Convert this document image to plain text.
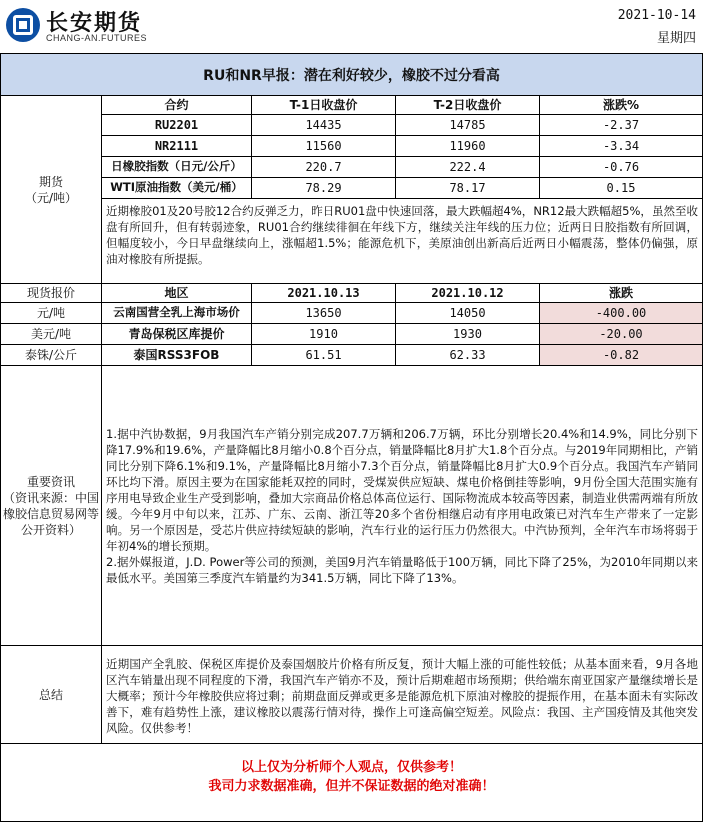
长安期货
CHANG-AN.FUTURES
2021-10-14
星期四
RU和NR早报：潜在利好较少，橡胶不过分看高
期货
（元/吨）
合约	T-1日收盘价	T-2日收盘价	涨跌%
RU2201	14435	14785	-2.37
NR2111	11560	11960	-3.34
日橡胶指数（日元/公斤）	220.7	222.4	-0.76
WTI原油指数（美元/桶）	78.29	78.17	0.15
近期橡胶01及20号胶12合约反弹乏力，昨日RU01盘中快速回落，最大跌幅超4%，NR12最大跌幅超5%，虽然至收盘有所回升，但有转弱迹象，RU01合约继续徘徊在年线下方，继续关注年线的压力位；近两日日胶指数有所回调，但幅度较小，今日早盘继续向上，涨幅超1.5%；能源危机下，美原油创出新高后近两日小幅震荡，整体仍偏强，原油对橡胶有所提振。
现货报价	地区	2021.10.13	2021.10.12	涨跌
元/吨	云南国营全乳上海市场价	13650	14050	-400.00
美元/吨	青岛保税区库提价	1910	1930	-20.00
泰铢/公斤	泰国RSS3FOB	61.51	62.33	-0.82
重要资讯
（资讯来源：中国橡胶信息贸易网等公开资料）
1.据中汽协数据，9月我国汽车产销分别完成207.7万辆和206.7万辆，环比分别增长20.4%和14.9%，同比分别下降17.9%和19.6%，产量降幅比8月缩小0.8个百分点，销量降幅比8月扩大1.8个百分点。与2019年同期相比，产销同比分别下降6.1%和9.1%，产量降幅比8月缩小7.3个百分点，销量降幅比8月扩大0.9个百分点。我国汽车产销同环比均下滑。原因主要为在国家能耗双控的同时，受煤炭供应短缺、煤电价格倒挂等影响，9月份全国大范围实施有序用电导致企业生产受到影响，叠加大宗商品价格总体高位运行、国际物流成本较高等因素，制造业供需两端有所放缓。今年9月中旬以来，江苏、广东、云南、浙江等20多个省份相继启动有序用电政策已对汽车生产带来了一定影响。另一个原因是，受芯片供应持续短缺的影响，汽车行业的运行压力仍然很大。中汽协预判，全年汽车市场将弱于年初4%的增长预期。
2.据外媒报道，J.D. Power等公司的预测，美国9月汽车销量略低于100万辆，同比下降了25%，为2010年同期以来最低水平。美国第三季度汽车销量约为341.5万辆，同比下降了13%。
总结
近期国产全乳胶、保税区库提价及泰国烟胶片价格有所反复，预计大幅上涨的可能性较低；从基本面来看，9月各地区汽车销量出现不同程度的下滑，我国汽车产销亦不及，预计后期难超市场预期；供给端东南亚国家产量继续增长是大概率；预计今年橡胶供应将过剩；前期盘面反弹或更多是能源危机下原油对橡胶的提振作用，在基本面未有实际改善下，难有趋势性上涨，建议橡胶以震荡行情对待，操作上可逢高偏空短差。风险点：我国、主产国疫情及其他突发风险。仅供参考！
以上仅为分析师个人观点，仅供参考！
我司力求数据准确，但并不保证数据的绝对准确！
